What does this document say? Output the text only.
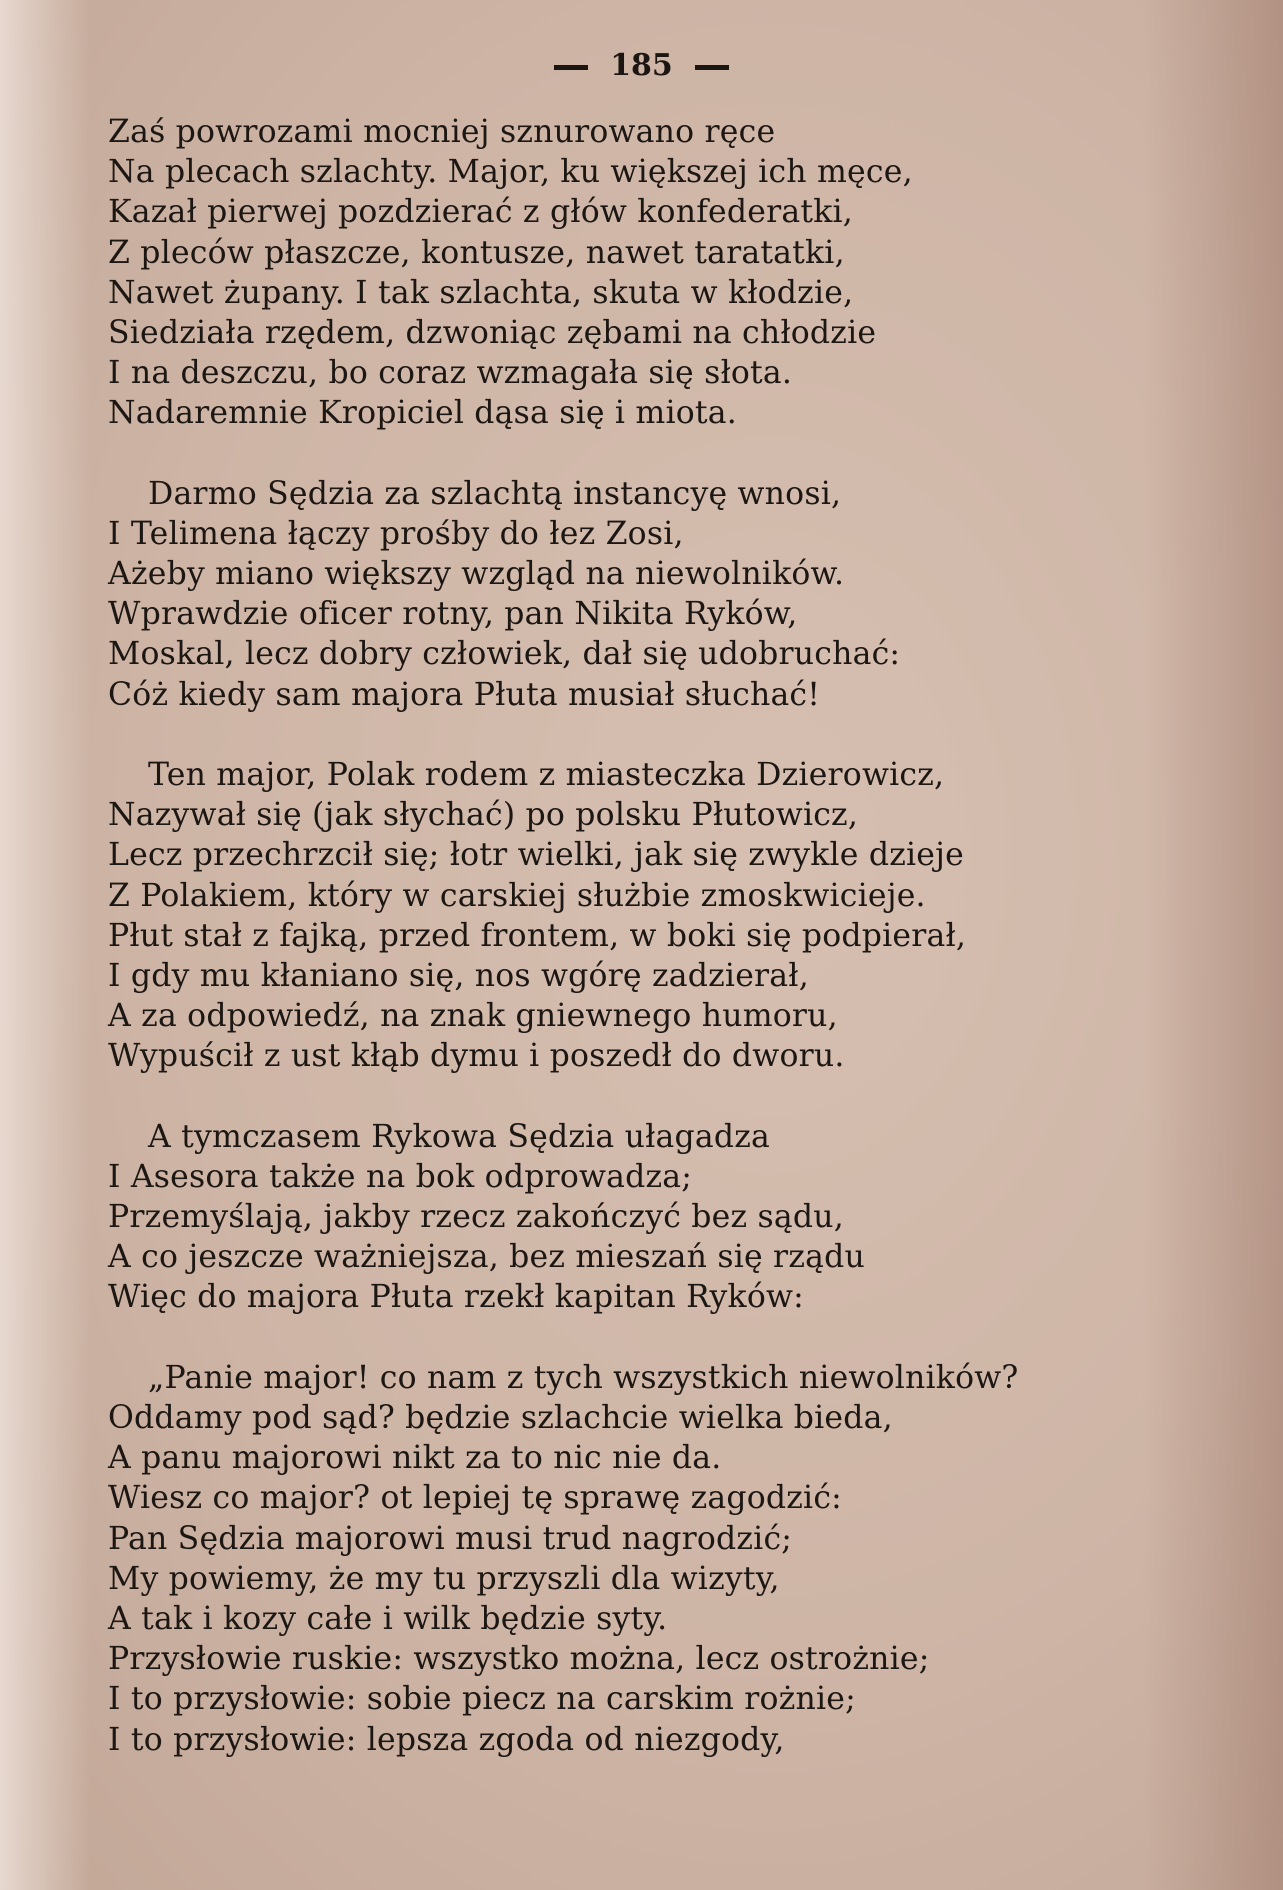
185
Zaś powrozami mocniej sznurowano ręce
Na plecach szlachty. Major, ku większej ich męce,
Kazał pierwej pozdzierać z głów konfederatki,
Z pleców płaszcze, kontusze, nawet taratatki,
Nawet żupany. I tak szlachta, skuta w kłodzie,
Siedziała rzędem, dzwoniąc zębami na chłodzie
I na deszczu, bo coraz wzmagała się słota.
Nadaremnie Kropiciel dąsa się i miota.
Darmo Sędzia za szlachtą instancyę wnosi,
I Telimena łączy prośby do łez Zosi,
Ażeby miano większy wzgląd na niewolników.
Wprawdzie oficer rotny, pan Nikita Ryków,
Moskal, lecz dobry człowiek, dał się udobruchać:
Cóż kiedy sam majora Płuta musiał słuchać!
Ten major, Polak rodem z miasteczka Dzierowicz,
Nazywał się (jak słychać) po polsku Płutowicz,
Lecz przechrzcił się; łotr wielki, jak się zwykle dzieje
Z Polakiem, który w carskiej służbie zmoskwicieje.
Płut stał z fajką, przed frontem, w boki się podpierał,
I gdy mu kłaniano się, nos wgórę zadzierał,
A za odpowiedź, na znak gniewnego humoru,
Wypuścił z ust kłąb dymu i poszedł do dworu.
A tymczasem Rykowa Sędzia ułagadza
I Asesora także na bok odprowadza;
Przemyślają, jakby rzecz zakończyć bez sądu,
A co jeszcze ważniejsza, bez mieszań się rządu
Więc do majora Płuta rzekł kapitan Ryków:
„Panie major! co nam z tych wszystkich niewolników?
Oddamy pod sąd? będzie szlachcie wielka bieda,
A panu majorowi nikt za to nic nie da.
Wiesz co major? ot lepiej tę sprawę zagodzić:
Pan Sędzia majorowi musi trud nagrodzić;
My powiemy, że my tu przyszli dla wizyty,
A tak i kozy całe i wilk będzie syty.
Przysłowie ruskie: wszystko można, lecz ostrożnie;
I to przysłowie: sobie piecz na carskim rożnie;
I to przysłowie: lepsza zgoda od niezgody,
